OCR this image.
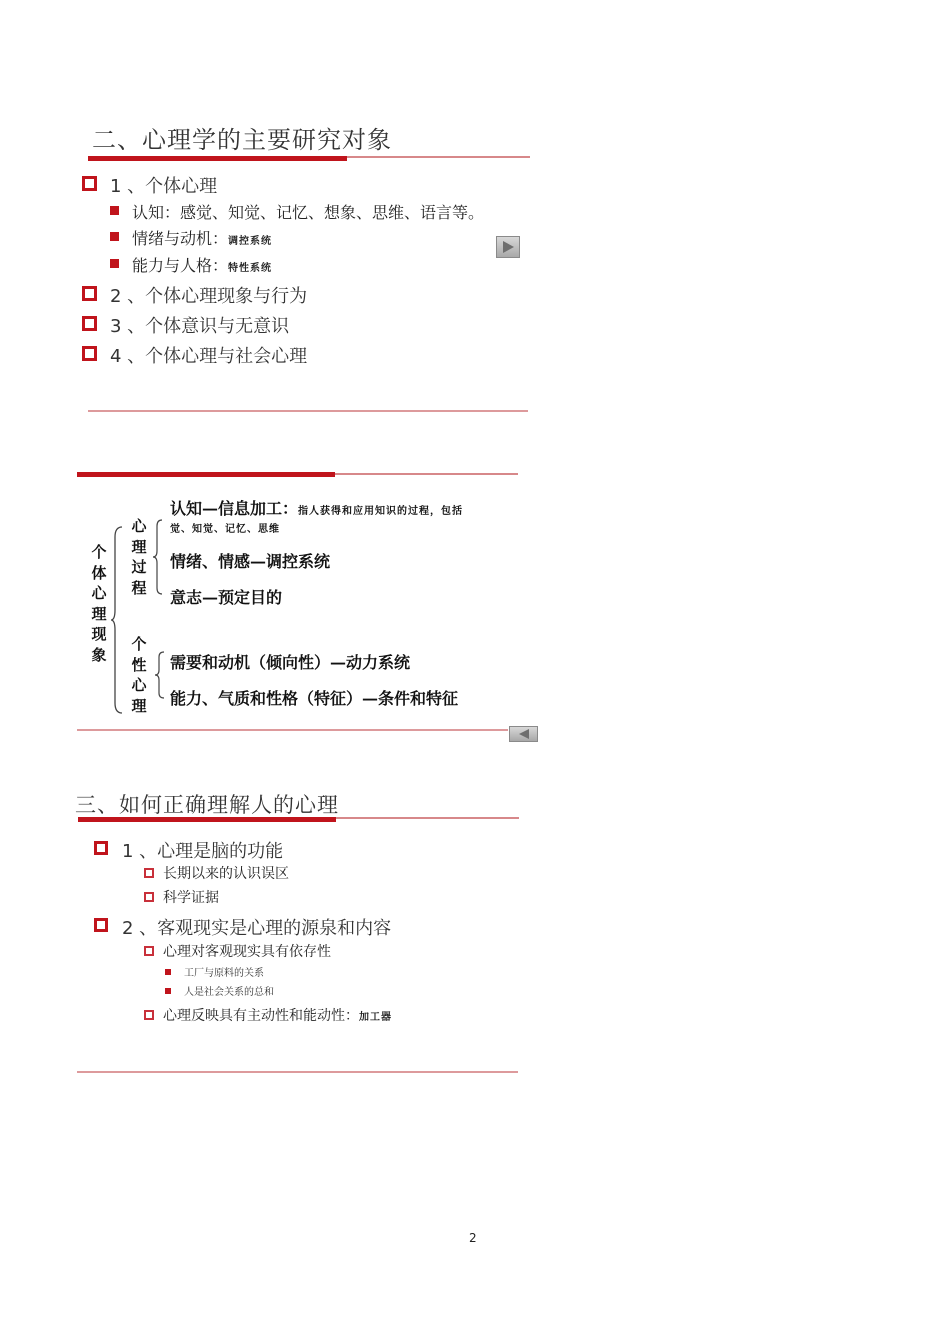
二、心理学的主要研究对象
1 、个体心理
认知：感觉、知觉、记忆、想象、思维、语言等。
情绪与动机：调控系统
能力与人格：特性系统
2 、个体心理现象与行为
3 、个体意识与无意识
4 、个体心理与社会心理
个体心理现象
心理过程
认知—信息加工：指人获得和应用知识的过程，包括
觉、知觉、记忆、思维
情绪、情感—调控系统
意志—预定目的
个性心理
需要和动机（倾向性）—动力系统
能力、气质和性格（特征）—条件和特征
三、如何正确理解人的心理
1 、心理是脑的功能
长期以来的认识误区
科学证据
2 、客观现实是心理的源泉和内容
心理对客观现实具有依存性
工厂与原料的关系
人是社会关系的总和
心理反映具有主动性和能动性：加工器
2
